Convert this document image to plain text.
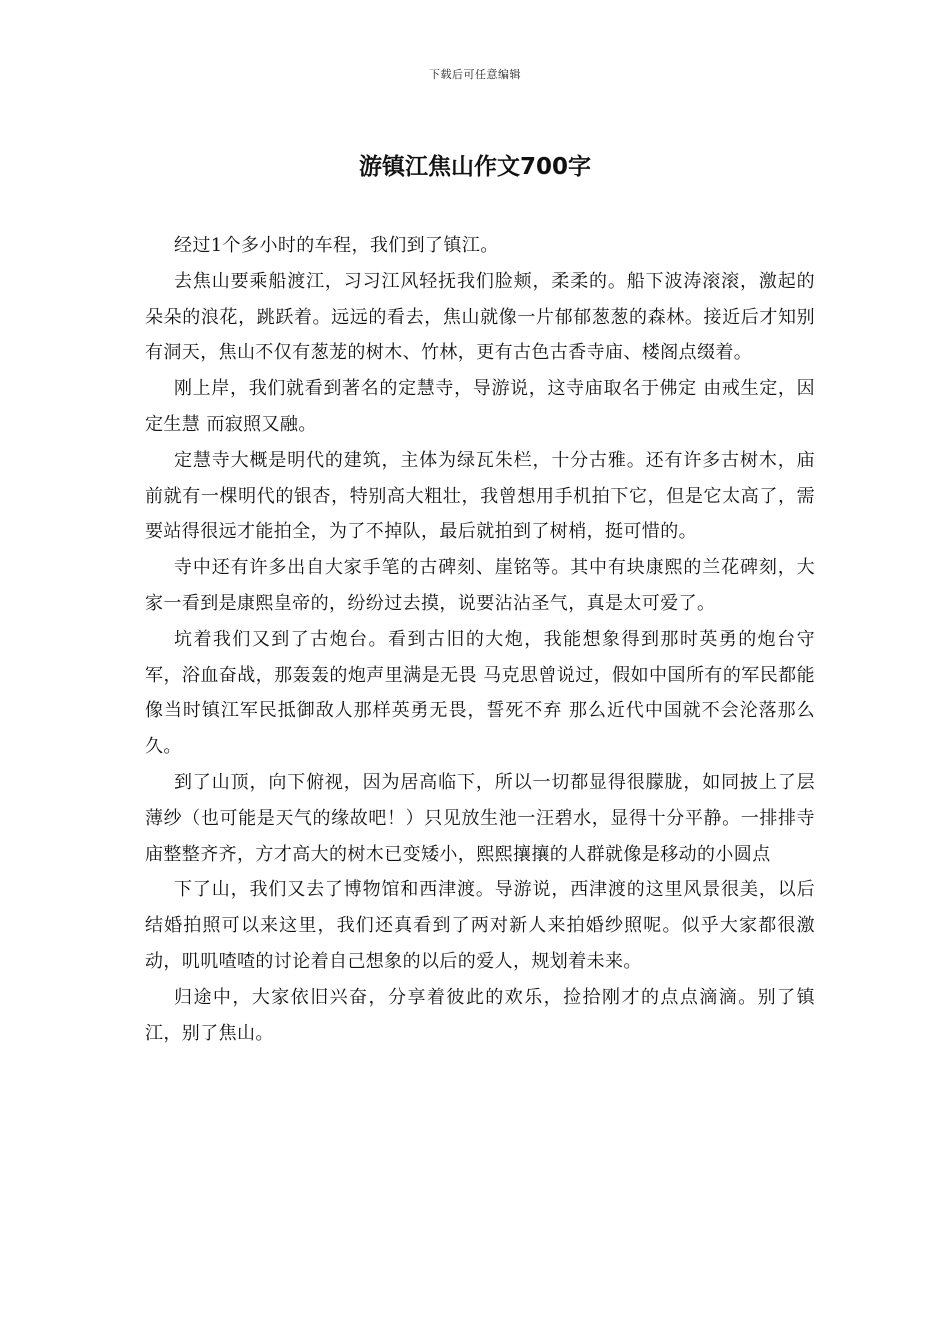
下载后可任意编辑
游镇江焦山作文700字

经过1个多小时的车程，我们到了镇江。

去焦山要乘船渡江，习习江风轻抚我们脸颊，柔柔的。船下波涛滚滚，激起的朵朵的浪花，跳跃着。远远的看去，焦山就像一片郁郁葱葱的森林。接近后才知别有洞天，焦山不仅有葱茏的树木、竹林，更有古色古香寺庙、楼阁点缀着。

刚上岸，我们就看到著名的定慧寺，导游说，这寺庙取名于佛定 由戒生定，因定生慧 而寂照又融。

定慧寺大概是明代的建筑，主体为绿瓦朱栏，十分古雅。还有许多古树木，庙前就有一棵明代的银杏，特别高大粗壮，我曾想用手机拍下它，但是它太高了，需要站得很远才能拍全，为了不掉队，最后就拍到了树梢，挺可惜的。

寺中还有许多出自大家手笔的古碑刻、崖铭等。其中有块康熙的兰花碑刻，大家一看到是康熙皇帝的，纷纷过去摸，说要沾沾圣气，真是太可爱了。

坑着我们又到了古炮台。看到古旧的大炮，我能想象得到那时英勇的炮台守军，浴血奋战，那轰轰的炮声里满是无畏 马克思曾说过，假如中国所有的军民都能像当时镇江军民抵御敌人那样英勇无畏，誓死不弃 那么近代中国就不会沦落那么久。

到了山顶，向下俯视，因为居高临下，所以一切都显得很朦胧，如同披上了层薄纱（也可能是天气的缘故吧！）只见放生池一汪碧水，显得十分平静。一排排寺庙整整齐齐，方才高大的树木已变矮小，熙熙攘攘的人群就像是移动的小圆点

下了山，我们又去了博物馆和西津渡。导游说，西津渡的这里风景很美，以后结婚拍照可以来这里，我们还真看到了两对新人来拍婚纱照呢。似乎大家都很激动，叽叽喳喳的讨论着自己想象的以后的爱人，规划着未来。

归途中，大家依旧兴奋，分享着彼此的欢乐，捡拾刚才的点点滴滴。别了镇江，别了焦山。
